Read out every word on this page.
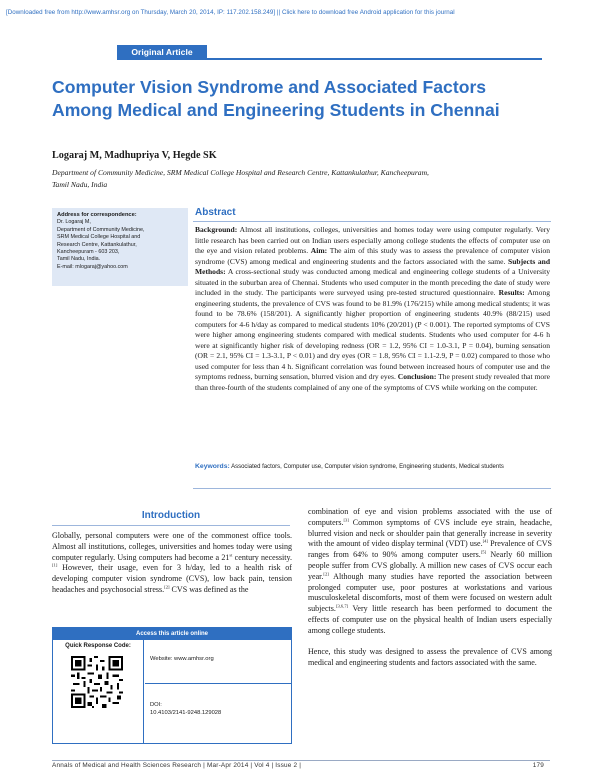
[Downloaded free from http://www.amhsr.org on Thursday, March 20, 2014, IP: 117.202.158.249] || Click here to download free Android application for this journal
Original Article
Computer Vision Syndrome and Associated Factors
Among Medical and Engineering Students in Chennai
Logaraj M, Madhupriya V, Hegde SK
Department of Community Medicine, SRM Medical College Hospital and Research Centre, Kattankulathur, Kancheepuram,
Tamil Nadu, India
Address for correspondence:
Dr. Logaraj M,
Department of Community Medicine,
SRM Medical College Hospital and
Research Centre, Kattankulathur,
Kancheepuram - 603 203,
Tamil Nadu, India.
E-mail: mlogaraj@yahoo.com
Abstract
Background: Almost all institutions, colleges, universities and homes today were using computer regularly. Very little research has been carried out on Indian users especially among college students the effects of computer use on the eye and vision related problems. Aim: The aim of this study was to assess the prevalence of computer vision syndrome (CVS) among medical and engineering students and the factors associated with the same. Subjects and Methods: A cross-sectional study was conducted among medical and engineering college students of a University situated in the suburban area of Chennai. Students who used computer in the month preceding the date of study were included in the study. The participants were surveyed using pre-tested structured questionnaire. Results: Among engineering students, the prevalence of CVS was found to be 81.9% (176/215) while among medical students; it was found to be 78.6% (158/201). A significantly higher proportion of engineering students 40.9% (88/215) used computers for 4-6 h/day as compared to medical students 10% (20/201) (P < 0.001). The reported symptoms of CVS were higher among engineering students compared with medical students. Students who used computer for 4-6 h were at significantly higher risk of developing redness (OR = 1.2, 95% CI = 1.0-3.1, P = 0.04), burning sensation (OR = 2.1, 95% CI = 1.3-3.1, P < 0.01) and dry eyes (OR = 1.8, 95% CI = 1.1-2.9, P = 0.02) compared to those who used computer for less than 4 h. Significant correlation was found between increased hours of computer use and the symptoms redness, burning sensation, blurred vision and dry eyes. Conclusion: The present study revealed that more than three-fourth of the students complained of any one of the symptoms of CVS while working on the computer.
Keywords: Associated factors, Computer use, Computer vision syndrome, Engineering students, Medical students
Introduction
Globally, personal computers were one of the commonest office tools. Almost all institutions, colleges, universities and homes today were using computer regularly. Using computers had become a 21st century necessity.[1] However, their usage, even for 3 h/day, led to a health risk of developing computer vision syndrome (CVS), low back pain, tension headaches and psychosocial stress.[2] CVS was defined as the

combination of eye and vision problems associated with the use of computers.[3] Common symptoms of CVS include eye strain, headache, blurred vision and neck or shoulder pain that generally increase in severity with the amount of video display terminal (VDT) use.[4] Prevalence of CVS ranges from 64% to 90% among computer users.[5] Nearly 60 million people suffer from CVS globally. A million new cases of CVS occur each year.[2] Although many studies have reported the association between prolonged computer use, poor postures at workstations and various musculoskeletal discomforts, most of them were focused on western adult subjects.[3,6,7] Very little research has been performed to document the effects of computer use on the physical health of Indian users especially among college students.

Hence, this study was designed to assess the prevalence of CVS among medical and engineering students and factors associated with the same.

Access this article online
Quick Response Code:
Website: www.amhsr.org
DOI:
10.4103/2141-9248.129028
Annals of Medical and Health Sciences Research | Mar-Apr 2014 | Vol 4 | Issue 2 |	179
